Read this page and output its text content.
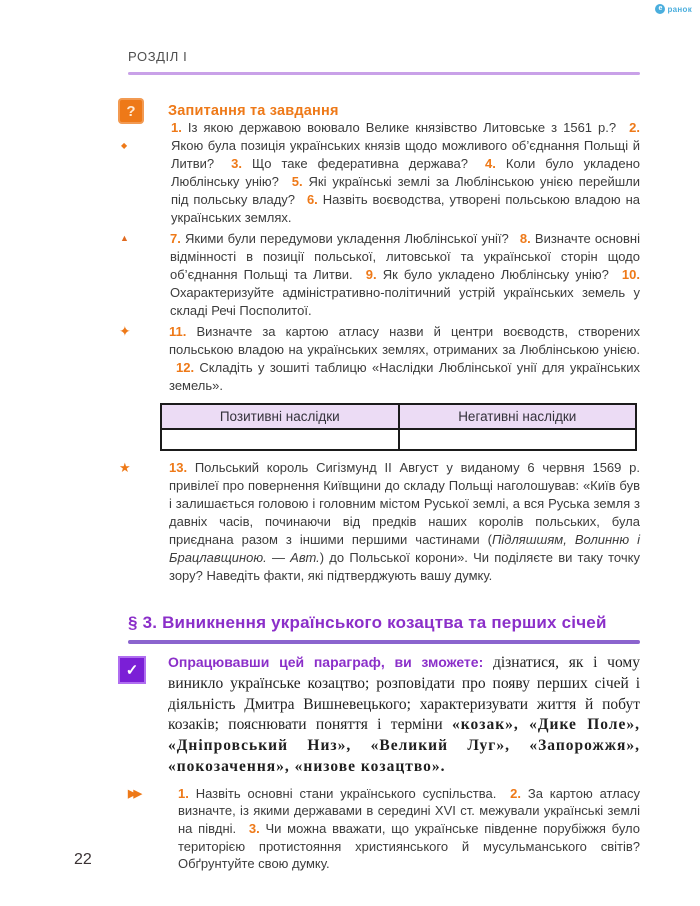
e ранок
РОЗДІЛ І
?	Запитання та завдання
◆

1. Із якою державою воювало Велике князівство Литовське з 1561 р.? 2. Якою була позиція українських князів щодо можливого об’єднання Польщі й Литви? 3. Що таке федеративна держава? 4. Коли було укладено Люблінську унію? 5. Які українські землі за Люблінською унією перейшли під польську владу? 6. Назвіть воєводства, утворені польською владою на українських землях.

▲	7. Якими були передумови укладення Люблінської унії? 8. Визначте основні відмінності в позиції польської, литовської та української сторін щодо об’єднання Польщі та Литви. 9. Як було укладено Люблінську унію? 10. Охарактеризуйте адміністративно-політичний устрій українських земель у складі Речі Посполитої.

✦	11. Визначте за картою атласу назви й центри воєводств, створених польською владою на українських землях, отриманих за Люблінською унією. 12. Складіть у зошиті таблицю «Наслідки Люблінської унії для українських земель».

Позитивні наслідки	Негативні наслідки

★	13. Польський король Сигізмунд II Август у виданому 6 червня 1569 р. привілеї про повернення Київщини до складу Польщі наголошував: «Київ був і залишається головою і головним містом Руської землі, а вся Руська земля з давніх часів, починаючи від предків наших королів польських, була приєднана разом з іншими першими частинами (Підляшшям, Волинню і Брацлавщиною. — Авт.) до Польської корони». Чи поділяєте ви таку точку зору? Наведіть факти, які підтверджують вашу думку.

§ 3. Виникнення українського козацтва та перших січей
✓	Опрацювавши цей параграф, ви зможете: дізнатися, як і чому виникло українське козацтво; розповідати про появу перших січей і діяльність Дмитра Вишневецького; характеризувати життя й побут козаків; пояснювати поняття і терміни «козак», «Дике Поле», «Дніпровський Низ», «Великий Луг», «Запорожжя», «покозачення», «низове козацтво».

▶▶	1. Назвіть основні стани українського суспільства. 2. За картою атласу визначте, із якими державами в середині XVI ст. межували українські землі на півдні. 3. Чи можна вважати, що українське південне порубіжжя було територією протистояння християнського й мусульманського світів? Обґрунтуйте свою думку.

22
